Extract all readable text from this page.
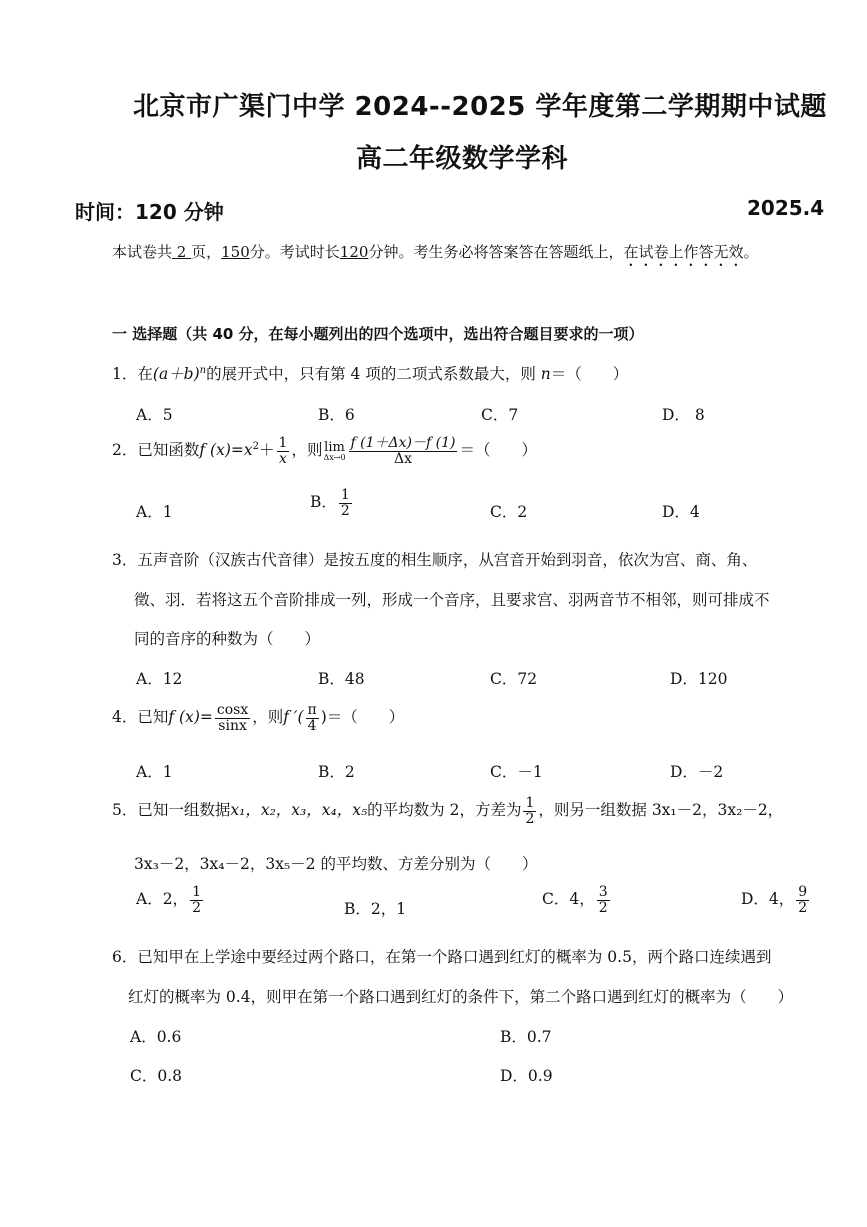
北京市广渠门中学 2024--2025 学年度第二学期期中试题
高二年级数学学科
时间：120 分钟	2025.4
本试卷共 2 页，150分。考试时长120分钟。考生务必将答案答在答题纸上，在试卷上作答无效。
一 选择题（共 40 分，在每小题列出的四个选项中，选出符合题目要求的一项）
1．在$(a+b)^n$的展开式中，只有第 4 项的二项式系数最大，则 n＝（　　）
A．5	B．6	C．7	D． 8
2．已知函数f $(x)=x^2+ \frac{1}{x}$ ，则 lim
$\Delta x\to 0 \frac{f (1+\Delta x)-f (1)}{\Delta x}$ ＝（　　）
A．1
B． $\frac{1}{2}$	C．2	D．4
3．五声音阶（汉族古代音律）是按五度的相生顺序，从宫音开始到羽音，依次为宫、商、角、
徵、羽．若将这五个音阶排成一列，形成一个音序，且要求宫、羽两音节不相邻，则可排成不
同的音序的种数为（　　）
A．12	B．48	C．72	D．120
4．已知f $(x)= \frac{\cos x}{\sin x}$ ，则f ′( $\frac{\pi}{4}$ )＝（　　）
A．1	B．2	C．－1	D．－2
5．已知一组数据x₁，x₂，x₃，x₄，x₅的平均数为 2，方差为 $\frac{1}{2}$ ，则另一组数据 3x₁－2，3x₂－2，
3x₃－2，3x₄－2，3x₅－2 的平均数、方差分别为（　　）
A．2， $\frac{1}{2}$	B．2，1
C．4， $\frac{3}{2}$	D．4， $\frac{9}{2}$
6．已知甲在上学途中要经过两个路口，在第一个路口遇到红灯的概率为 0.5，两个路口连续遇到
红灯的概率为 0.4，则甲在第一个路口遇到红灯的条件下，第二个路口遇到红灯的概率为（　　）
A．0.6	B．0.7
C．0.8	D．0.9
